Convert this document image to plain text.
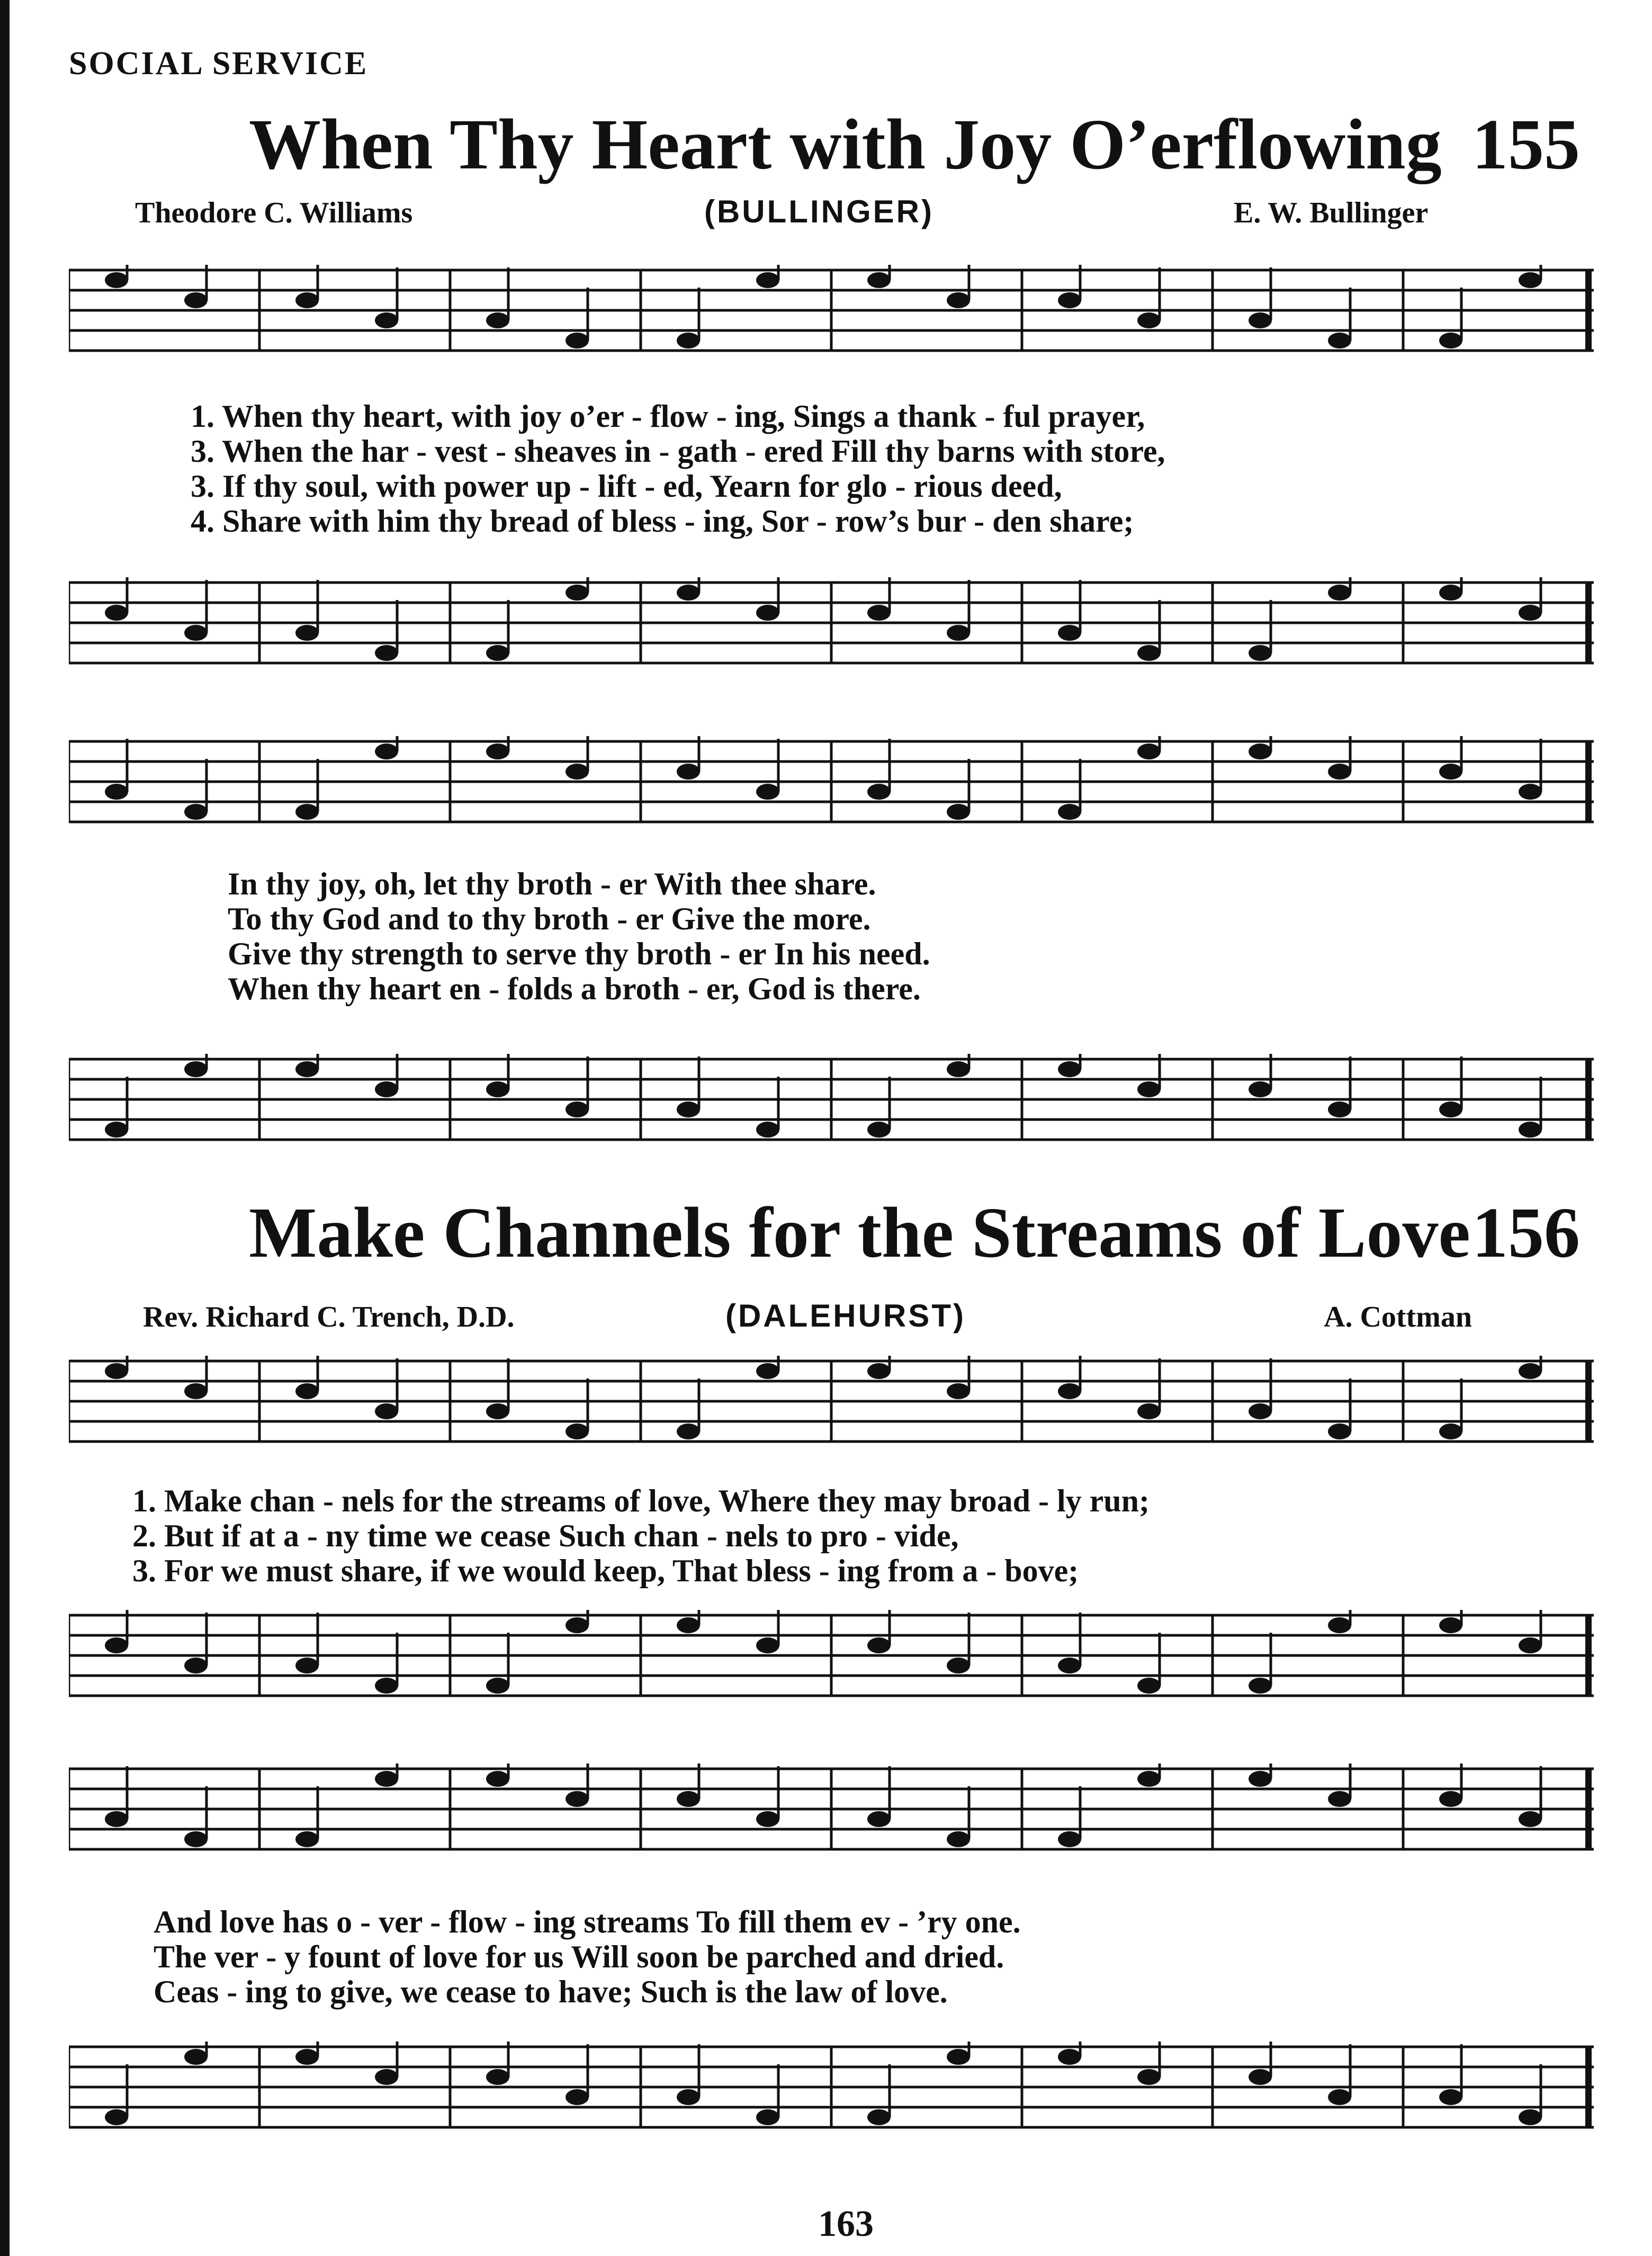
SOCIAL SERVICE
When Thy Heart with Joy O’erflowing 155
Theodore C. Williams	(BULLINGER)	E. W. Bullinger
1. When thy heart, with joy o’er - flow - ing, Sings a thank - ful prayer,
3. When the har - vest - sheaves in - gath - ered Fill thy barns with store,
3. If thy soul, with power up - lift - ed, Yearn for glo - rious deed,
4. Share with him thy bread of bless - ing, Sor - row’s bur - den share;
In thy joy, oh, let thy broth - er With thee share.
To thy God and to thy broth - er Give the more.
Give thy strength to serve thy broth - er In his need.
When thy heart en - folds a broth - er, God is there.
Make Channels for the Streams of Love 156
Rev. Richard C. Trench, D.D.	(DALEHURST)	A. Cottman
1. Make chan - nels for the streams of love, Where they may broad - ly run;
2. But if at a - ny time we cease Such chan - nels to pro - vide,
3. For we must share, if we would keep, That bless - ing from a - bove;
And love has o - ver - flow - ing streams To fill them ev - ’ry one.
The ver - y fount of love for us Will soon be parched and dried.
Ceas - ing to give, we cease to have; Such is the law of love.
163
